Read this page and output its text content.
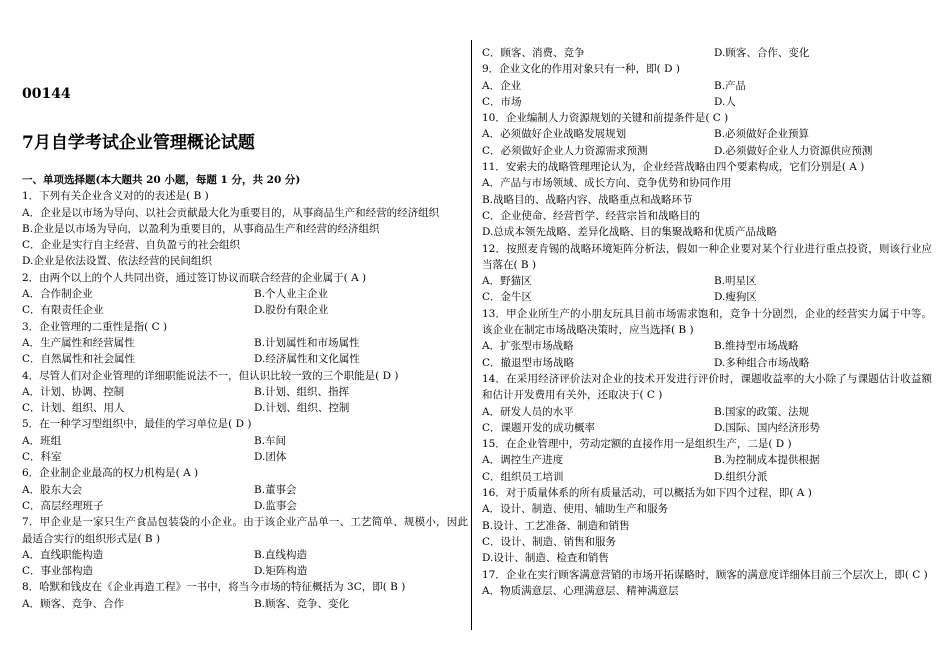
00144
7月自学考试企业管理概论试题
一、单项选择题(本大题共 20 小题，每题 1 分，共 20 分)
1．下列有关企业含义对的的表述是( B )
A．企业是以市场为导向、以社会贡献最大化为重要目的，从事商品生产和经营的经济组织
B.企业是以市场为导向，以盈利为重要目的，从事商品生产和经营的经济组织
C．企业是实行自主经营、自负盈亏的社会组织
D.企业是依法设置、依法经营的民间组织
2．由两个以上的个人共同出资，通过签订协议而联合经营的企业属于( A )
A．合作制企业	B.个人业主企业
C．有限责任企业	D.股份有限企业
3．企业管理的二重性是指( C )
A．生产属性和经营属性	B.计划属性和市场属性
C．自然属性和社会属性	D.经济属性和文化属性
4．尽管人们对企业管理的详细职能说法不一，但认识比较一致的三个职能是( D )
A．计划、协调、控制	B.计划、组织、指挥
C．计划、组织、用人	D.计划、组织、控制
5．在一种学习型组织中，最佳的学习单位是( D )
A．班组	B.车间
C．科室	D.团体
6．企业制企业最高的权力机构是( A )
A．股东大会	B.董事会
C．高层经理班子	D.监事会
7．甲企业是一家只生产食品包装袋的小企业。由于该企业产品单一、工艺简单、规模小，因此最适合实行的组织形式是( B )
A．直线职能构造	B.直线构造
C．事业部构造	D.矩阵构造
8．哈默和钱皮在《企业再造工程》一书中，将当今市场的特征概括为 3C，即( B )
A．顾客、竞争、合作	B.顾客、竞争、变化
C．顾客、消费、竞争	D.顾客、合作、变化
9．企业文化的作用对象只有一种，即( D )
A．企业	B.产品
C．市场	D.人
10．企业编制人力资源规划的关键和前提条件是( C )
A．必须做好企业战略发展规划	B.必须做好企业预算
C．必须做好企业人力资源需求预测	D.必须做好企业人力资源供应预测
11．安索夫的战略管理理论认为，企业经营战略由四个要素构成，它们分别是( A )
A．产品与市场领域、成长方向、竞争优势和协同作用
B.战略目的、战略内容、战略重点和战略环节
C．企业使命、经营哲学、经营宗旨和战略目的
D.总成本领先战略、差异化战略、目的集聚战略和优质产品战略
12．按照麦肯锡的战略环境矩阵分析法，假如一种企业要对某个行业进行重点投资，则该行业应当落在( B )
A．野猫区	B.明星区
C．金牛区	D.瘦狗区
13．甲企业所生产的小朋友玩具目前市场需求饱和，竞争十分剧烈，企业的经营实力属于中等。该企业在制定市场战略决策时，应当选择( B )
A．扩张型市场战略	B.维持型市场战略
C．撤退型市场战略	D.多种组合市场战略
14．在采用经济评价法对企业的技术开发进行评价时，课题收益率的大小除了与课题估计收益额和估计开发费用有关外，还取决于( C )
A．研发人员的水平	B.国家的政策、法规
C．课题开发的成功概率	D.国际、国内经济形势
15．在企业管理中，劳动定额的直接作用一是组织生产，二是( D )
A．调控生产进度	B.为控制成本提供根据
C．组织员工培训	D.组织分派
16．对于质量体系的所有质量活动，可以概括为如下四个过程，即( A )
A．设计、制造、使用、辅助生产和服务
B.设计、工艺准备、制造和销售
C．设计、制造、销售和服务
D.设计、制造、检查和销售
17．企业在实行顾客满意营销的市场开拓谋略时，顾客的满意度详细体目前三个层次上，即( C )
A．物质满意层、心理满意层、精神满意层
